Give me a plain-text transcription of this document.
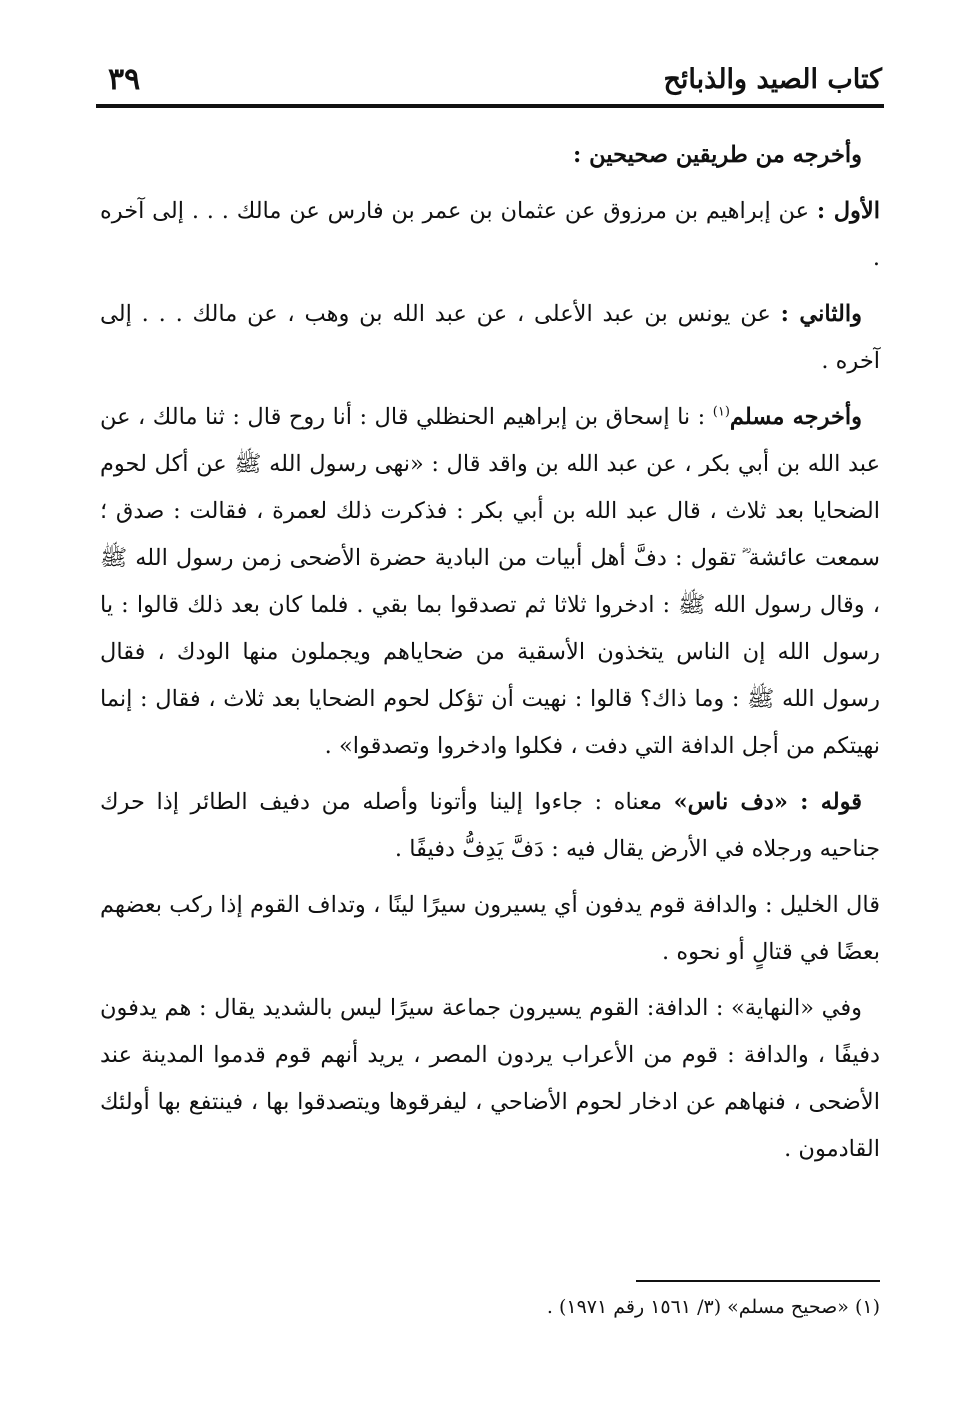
كتاب الصيد والذبائح
٣٩

وأخرجه من طريقين صحيحين :

الأول : عن إبراهيم بن مرزوق عن عثمان بن عمر بن فارس عن مالك . . . إلى آخره .

والثاني : عن يونس بن عبد الأعلى ، عن عبد الله بن وهب ، عن مالك . . . إلى آخره .

وأخرجه مسلم$^{(١)}$ : نا إسحاق بن إبراهيم الحنظلي قال : أنا روح قال : ثنا مالك ، عن عبد الله بن أبي بكر ، عن عبد الله بن واقد قال : «نهى رسول الله ﷺ عن أكل لحوم الضحايا بعد ثلاث ، قال عبد الله بن أبي بكر : فذكرت ذلك لعمرة ، فقالت : صدق ؛ سمعت عائشة ؓ تقول : دفَّ أهل أبيات من البادية حضرة الأضحى زمن رسول الله ﷺ ، وقال رسول الله ﷺ : ادخروا ثلاثا ثم تصدقوا بما بقي . فلما كان بعد ذلك قالوا : يا رسول الله إن الناس يتخذون الأسقية من ضحاياهم ويجملون منها الودك ، فقال رسول الله ﷺ : وما ذاك؟ قالوا : نهيت أن تؤكل لحوم الضحايا بعد ثلاث ، فقال : إنما نهيتكم من أجل الدافة التي دفت ، فكلوا وادخروا وتصدقوا» .

قوله : «دف ناس» معناه : جاءوا إلينا وأتونا وأصله من دفيف الطائر إذا حرك جناحيه ورجلاه في الأرض يقال فيه : دَفَّ يَدِفُّ دفيفًا .

قال الخليل : والدافة قوم يدفون أي يسيرون سيرًا لينًا ، وتداف القوم إذا ركب بعضهم بعضًا في قتالٍ أو نحوه .

وفي «النهاية» : الدافة: القوم يسيرون جماعة سيرًا ليس بالشديد يقال : هم يدفون دفيفًا ، والدافة : قوم من الأعراب يردون المصر ، يريد أنهم قوم قدموا المدينة عند الأضحى ، فنهاهم عن ادخار لحوم الأضاحي ، ليفرقوها ويتصدقوا بها ، فينتفع بها أولئك القادمون .

(١) «صحيح مسلم» (٣/ ١٥٦١ رقم ١٩٧١) .
